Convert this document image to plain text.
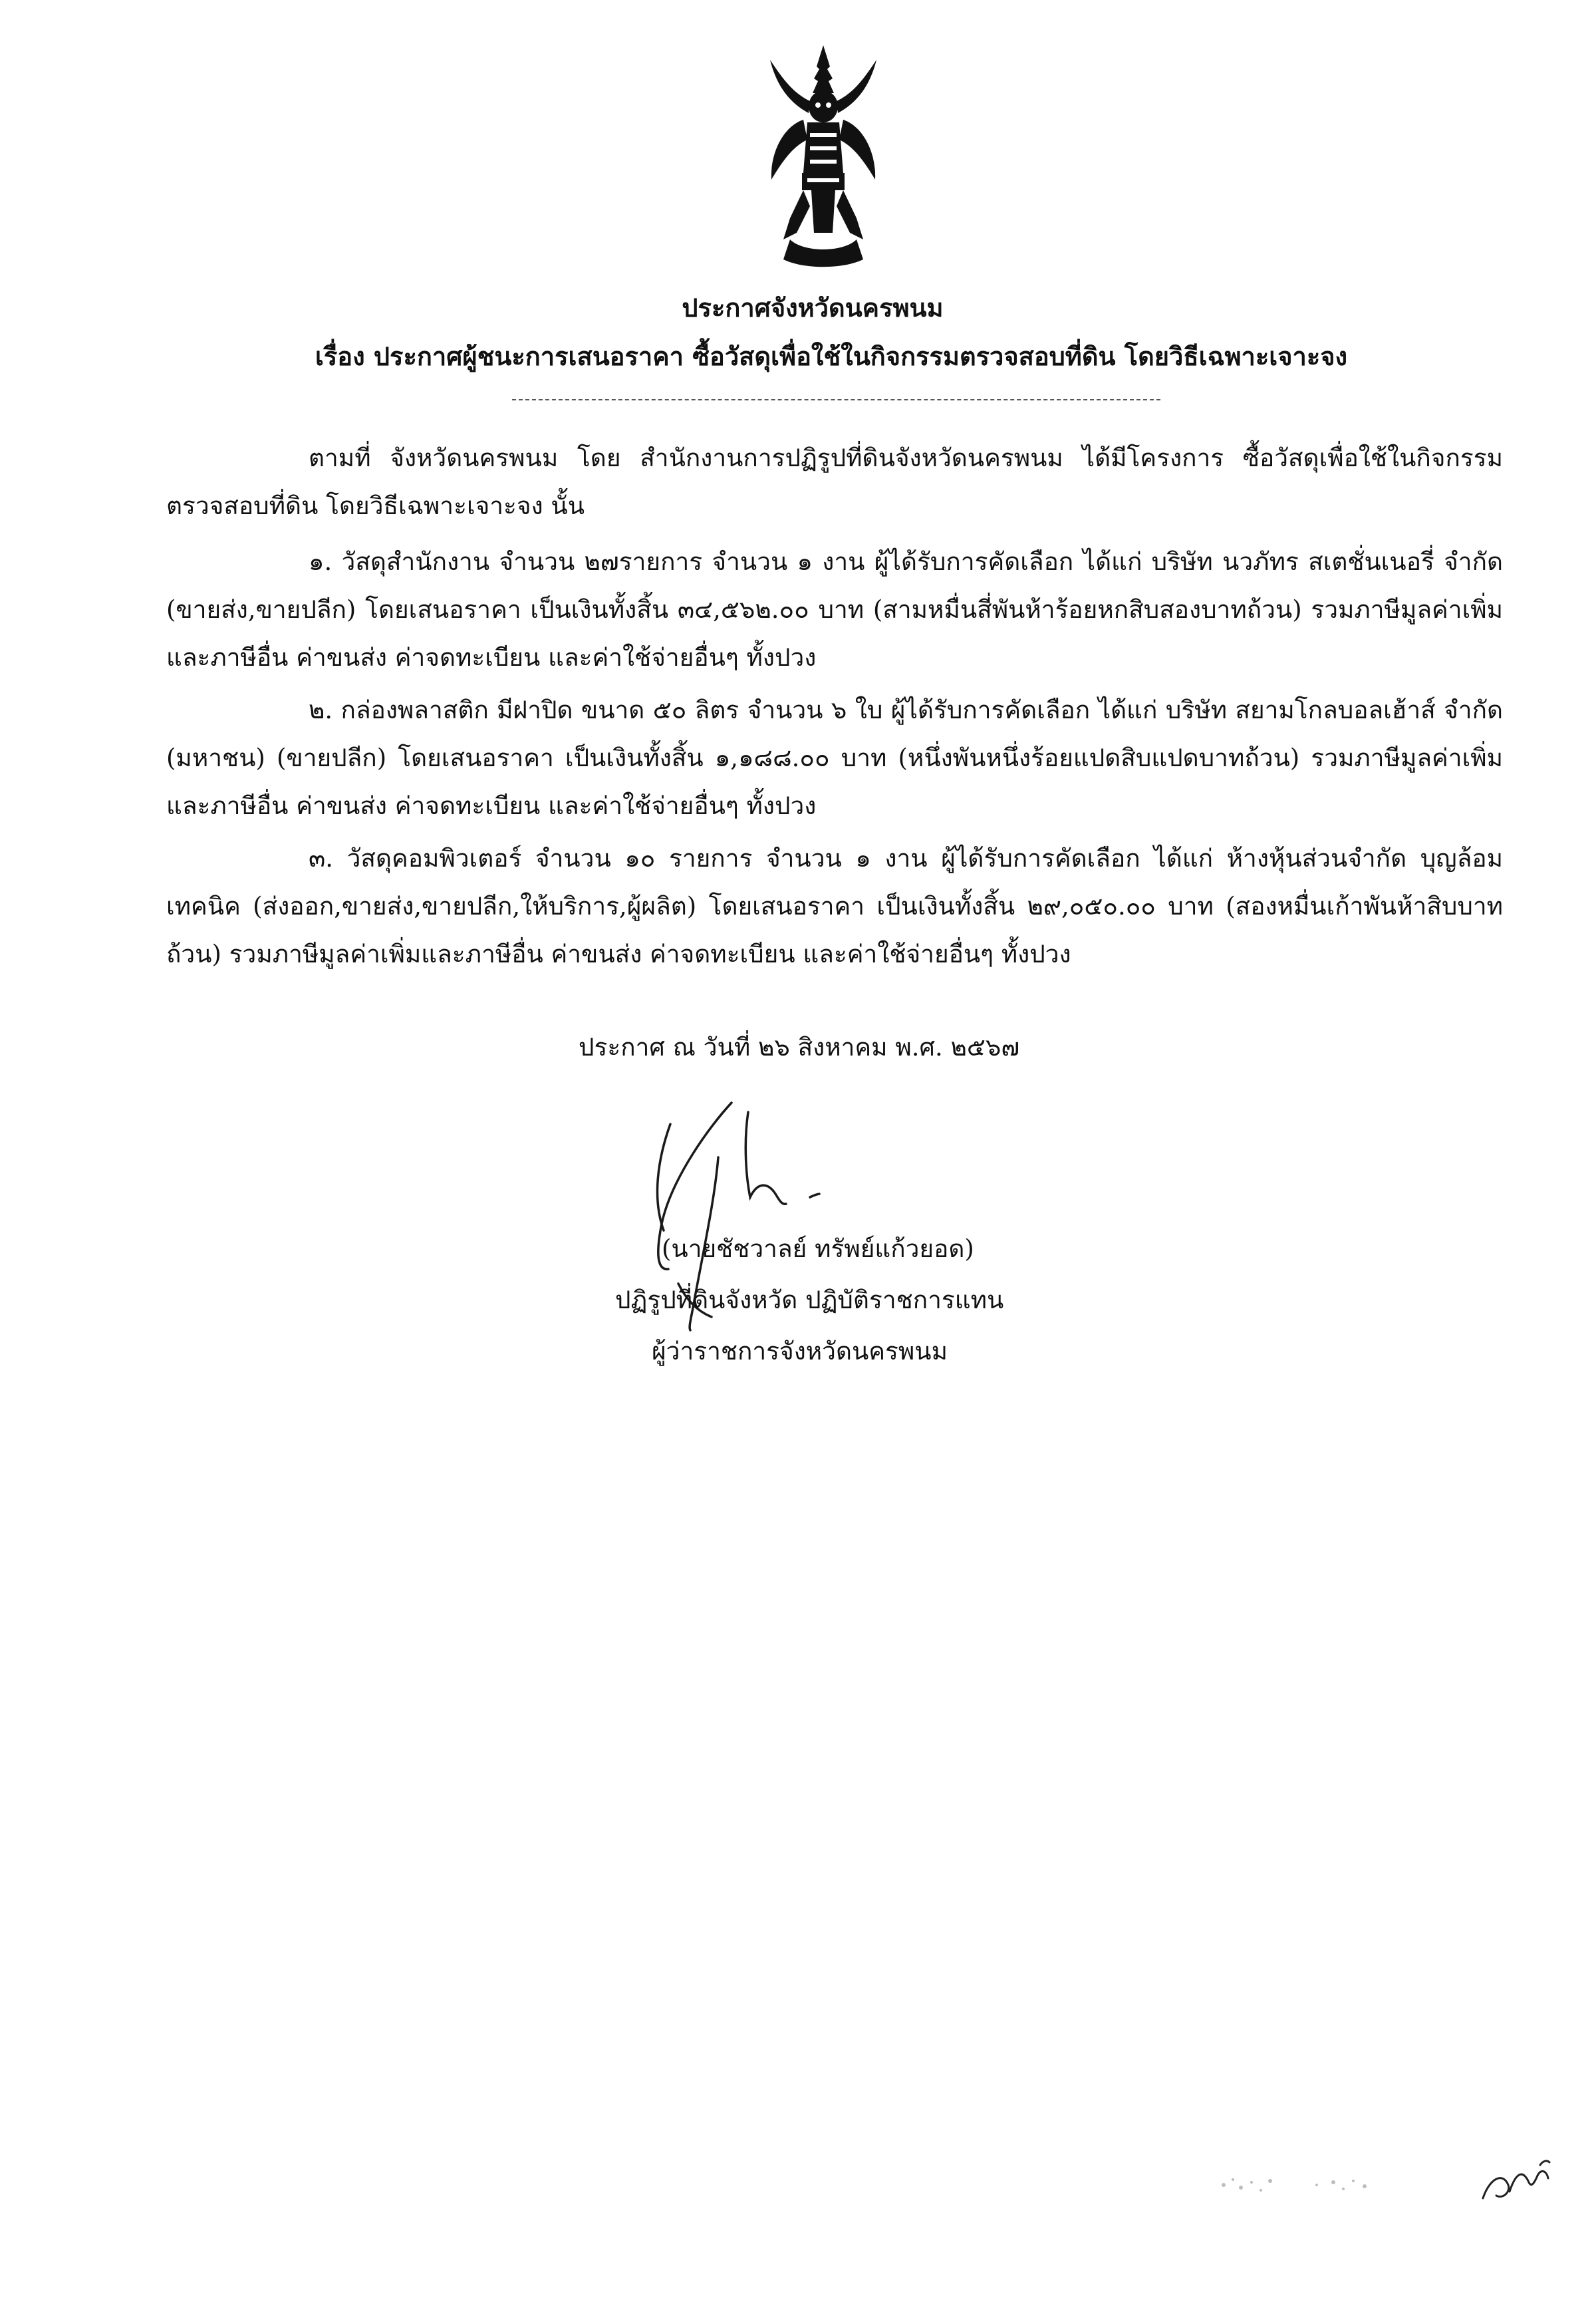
ประกาศจังหวัดนครพนม
เรื่อง ประกาศผู้ชนะการเสนอราคา ซื้อวัสดุเพื่อใช้ในกิจกรรมตรวจสอบที่ดิน โดยวิธีเฉพาะเจาะจง
ตามที่ จังหวัดนครพนม โดย สำนักงานการปฏิรูปที่ดินจังหวัดนครพนม ได้มีโครงการ ซื้อวัสดุเพื่อใช้ในกิจกรรมตรวจสอบที่ดิน โดยวิธีเฉพาะเจาะจง นั้น
๑. วัสดุสำนักงาน จำนวน ๒๗รายการ จำนวน ๑ งาน ผู้ได้รับการคัดเลือก ได้แก่ บริษัท นวภัทร สเตชั่นเนอรี่ จำกัด (ขายส่ง,ขายปลีก) โดยเสนอราคา เป็นเงินทั้งสิ้น ๓๔,๕๖๒.๐๐ บาท (สามหมื่นสี่พันห้าร้อยหกสิบสองบาทถ้วน) รวมภาษีมูลค่าเพิ่มและภาษีอื่น ค่าขนส่ง ค่าจดทะเบียน และค่าใช้จ่ายอื่นๆ ทั้งปวง
๒. กล่องพลาสติก มีฝาปิด ขนาด ๕๐ ลิตร จำนวน ๖ ใบ ผู้ได้รับการคัดเลือก ได้แก่ บริษัท สยามโกลบอลเฮ้าส์ จำกัด (มหาชน) (ขายปลีก) โดยเสนอราคา เป็นเงินทั้งสิ้น ๑,๑๘๘.๐๐ บาท (หนึ่งพันหนึ่งร้อยแปดสิบแปดบาทถ้วน) รวมภาษีมูลค่าเพิ่มและภาษีอื่น ค่าขนส่ง ค่าจดทะเบียน และค่าใช้จ่ายอื่นๆ ทั้งปวง
๓. วัสดุคอมพิวเตอร์ จำนวน ๑๐ รายการ จำนวน ๑ งาน ผู้ได้รับการคัดเลือก ได้แก่ ห้างหุ้นส่วนจำกัด บุญล้อมเทคนิค (ส่งออก,ขายส่ง,ขายปลีก,ให้บริการ,ผู้ผลิต) โดยเสนอราคา เป็นเงินทั้งสิ้น ๒๙,๐๕๐.๐๐ บาท (สองหมื่นเก้าพันห้าสิบบาทถ้วน) รวมภาษีมูลค่าเพิ่มและภาษีอื่น ค่าขนส่ง ค่าจดทะเบียน และค่าใช้จ่ายอื่นๆ ทั้งปวง
ประกาศ ณ วันที่ ๒๖ สิงหาคม พ.ศ. ๒๕๖๗
(นายชัชวาลย์ ทรัพย์แก้วยอด)
ปฏิรูปที่ดินจังหวัด ปฏิบัติราชการแทน
ผู้ว่าราชการจังหวัดนครพนม
